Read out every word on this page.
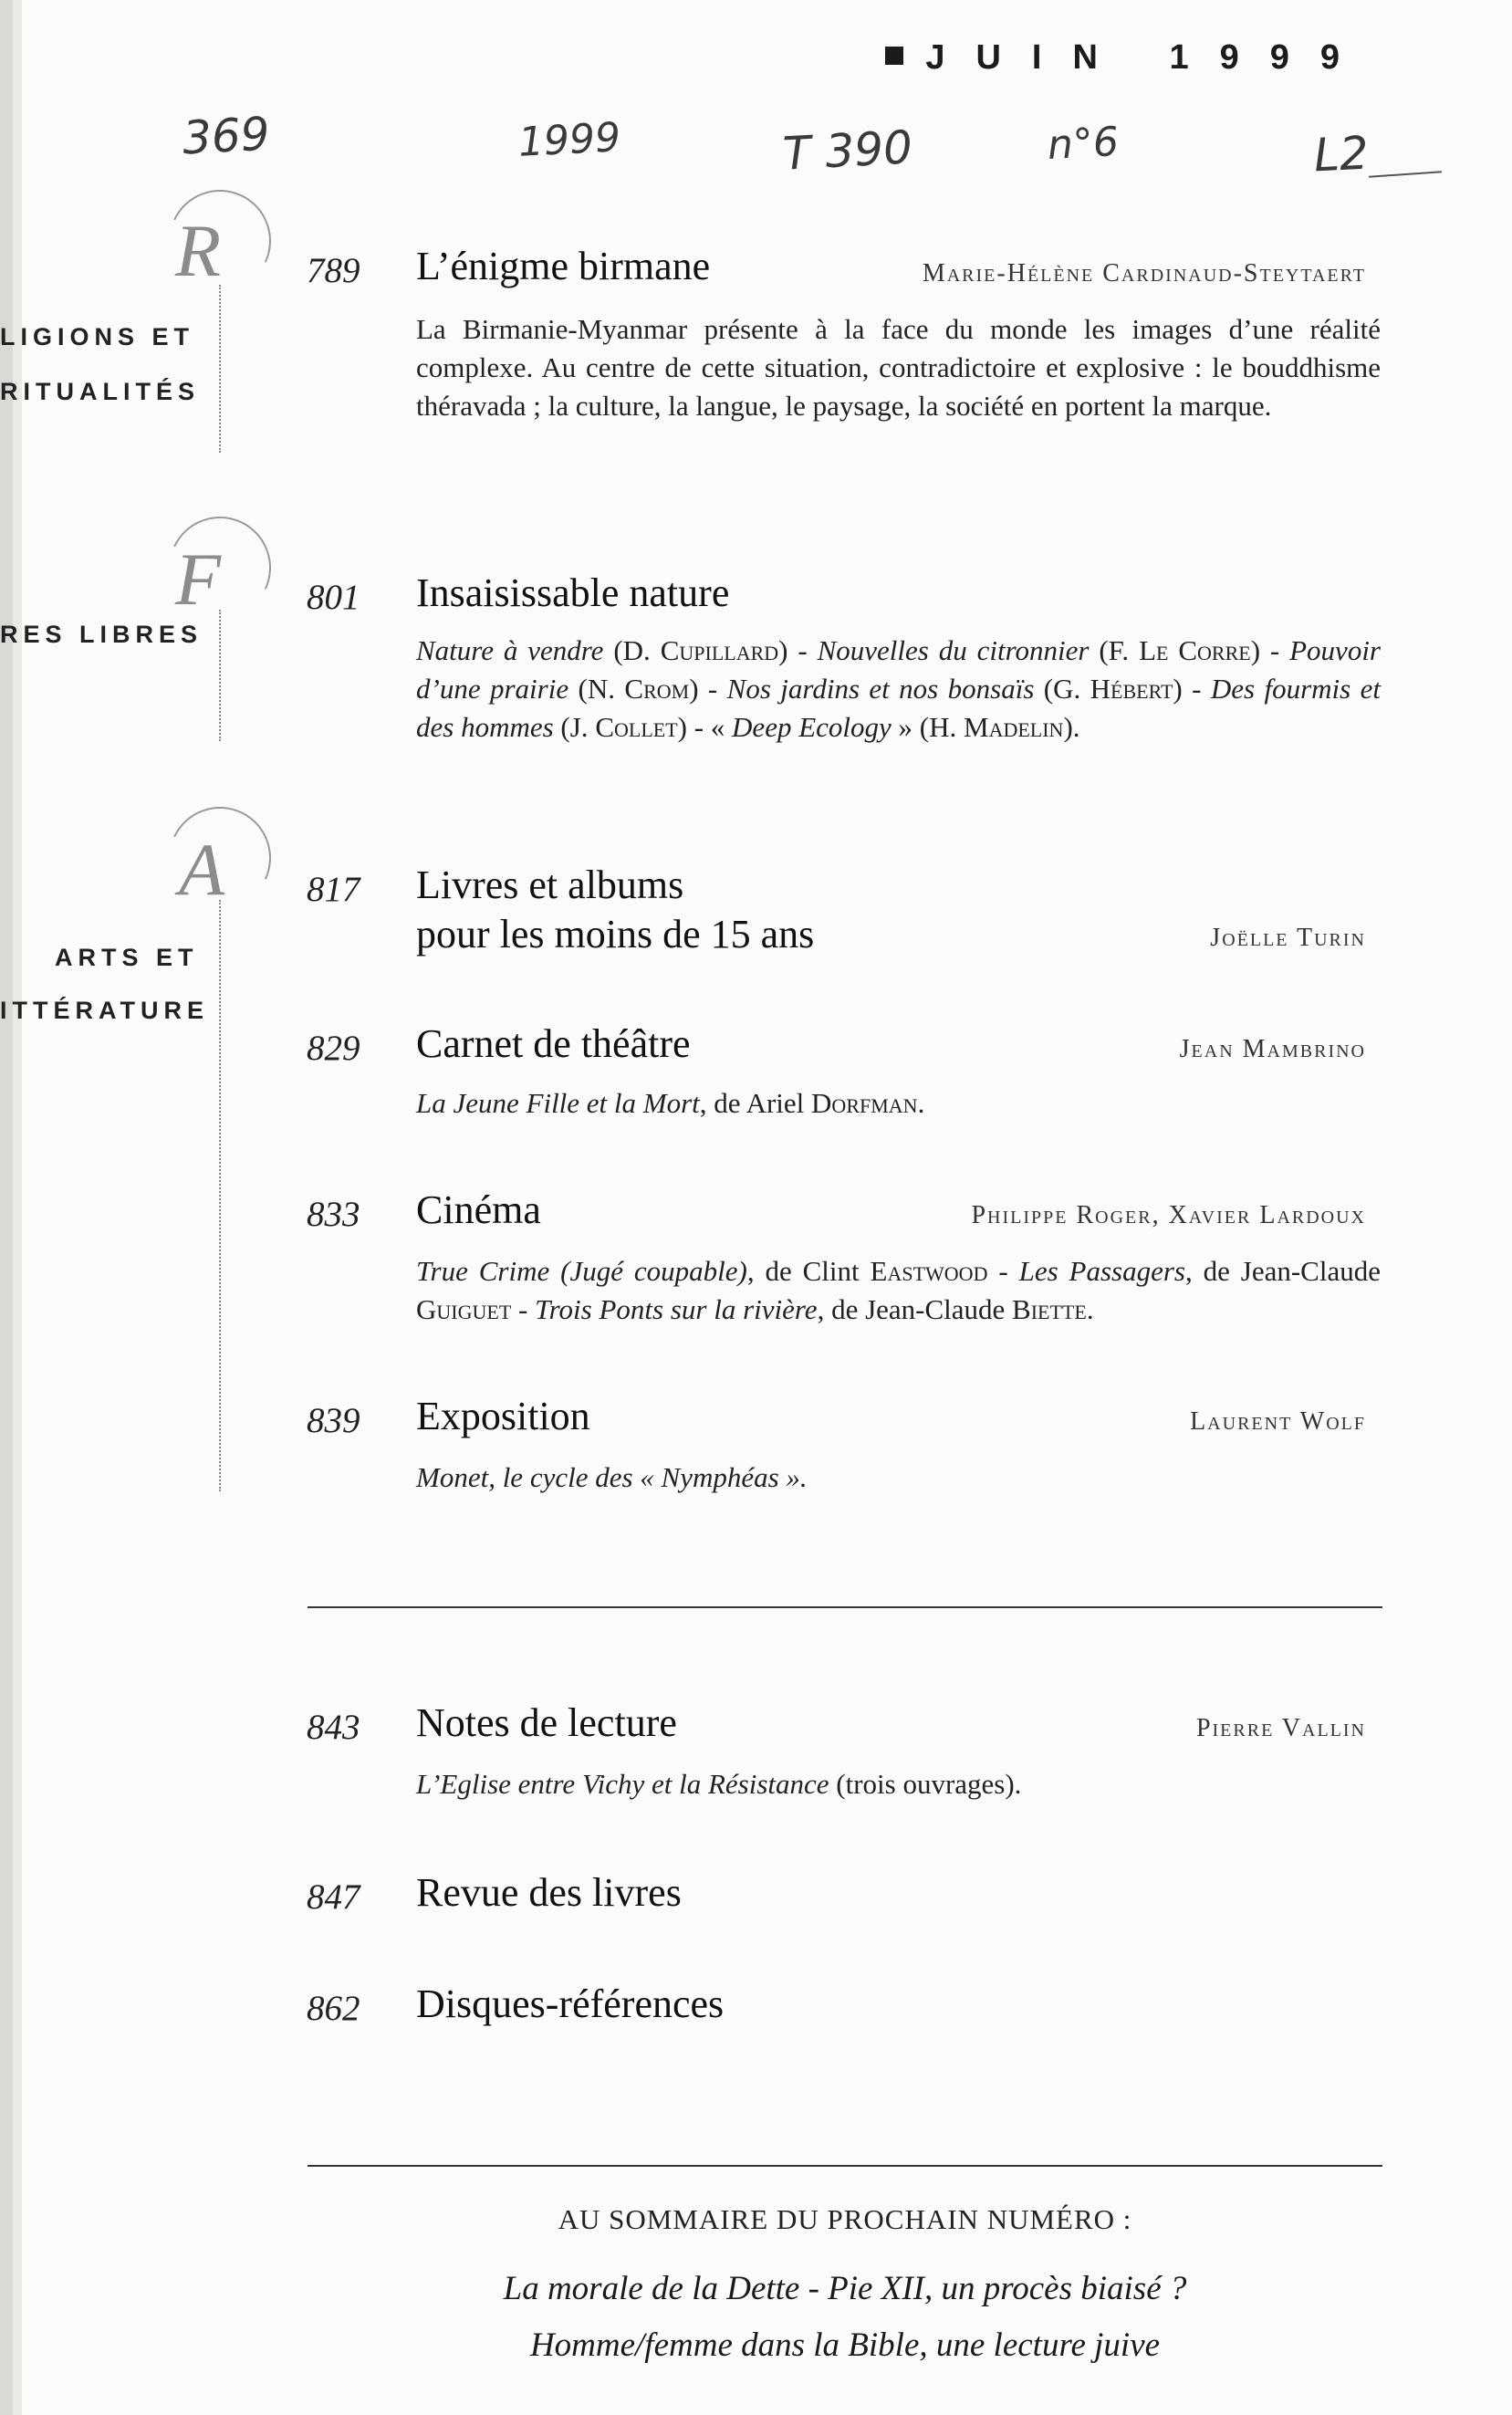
JUIN 1999
369	1999	T 390	n°6	L2
R
LIGIONS ET
RITUALITÉS
F
RES LIBRES
A
ARTS ET
ITTÉRATURE
789 L’énigme birmane	Marie-Hélène Cardinaud-Steytaert
La Birmanie-Myanmar présente à la face du monde les images d’une réalité complexe. Au centre de cette situation, contradictoire et explosive : le bouddhisme théravada ; la culture, la langue, le paysage, la société en portent la marque.
801 Insaisissable nature
Nature à vendre (D. Cupillard) - Nouvelles du citronnier (F. Le Corre) - Pouvoir d’une prairie (N. Crom) - Nos jardins et nos bonsaïs (G. Hébert) - Des fourmis et des hommes (J. Collet) - « Deep Ecology » (H. Madelin).
817 Livres et albums
pour les moins de 15 ans	Joëlle Turin
829 Carnet de théâtre	Jean Mambrino
La Jeune Fille et la Mort, de Ariel Dorfman.
833 Cinéma	Philippe Roger, Xavier Lardoux
True Crime (Jugé coupable), de Clint Eastwood - Les Passagers, de Jean-Claude Guiguet - Trois Ponts sur la rivière, de Jean-Claude Biette.
839 Exposition	Laurent Wolf
Monet, le cycle des « Nymphéas ».
843 Notes de lecture	Pierre Vallin
L’Eglise entre Vichy et la Résistance (trois ouvrages).
847 Revue des livres
862 Disques-références
AU SOMMAIRE DU PROCHAIN NUMÉRO :
La morale de la Dette - Pie XII, un procès biaisé ?
Homme/femme dans la Bible, une lecture juive
